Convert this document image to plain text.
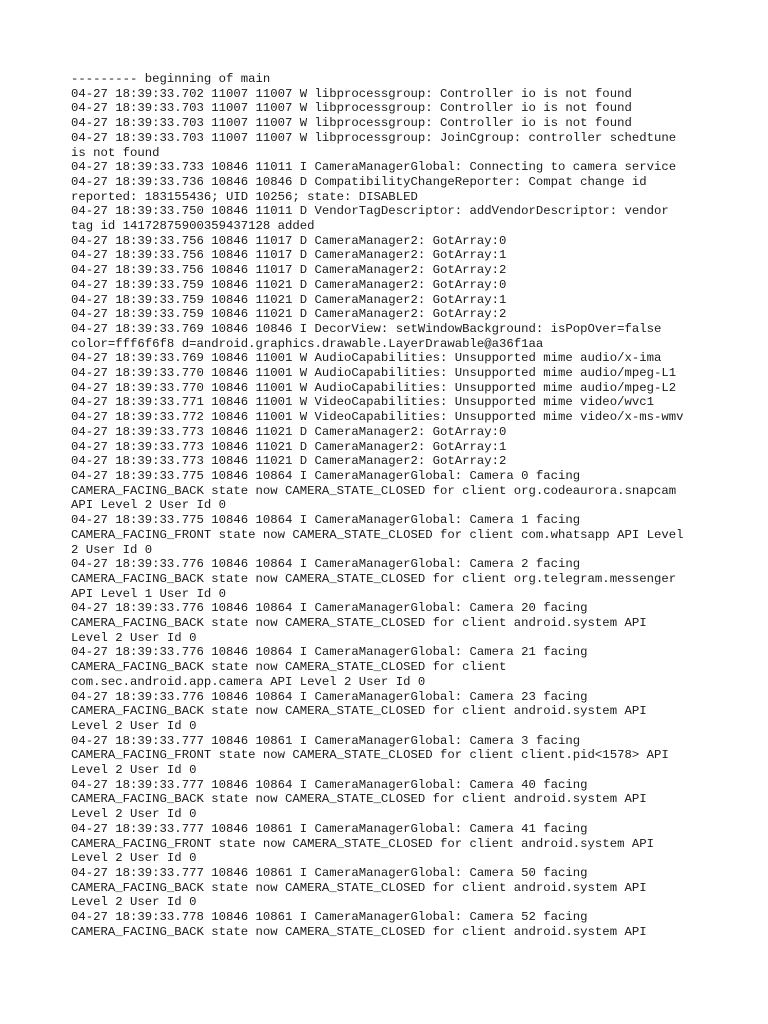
--------- beginning of main
04-27 18:39:33.702 11007 11007 W libprocessgroup: Controller io is not found
04-27 18:39:33.703 11007 11007 W libprocessgroup: Controller io is not found
04-27 18:39:33.703 11007 11007 W libprocessgroup: Controller io is not found
04-27 18:39:33.703 11007 11007 W libprocessgroup: JoinCgroup: controller schedtune
is not found
04-27 18:39:33.733 10846 11011 I CameraManagerGlobal: Connecting to camera service
04-27 18:39:33.736 10846 10846 D CompatibilityChangeReporter: Compat change id
reported: 183155436; UID 10256; state: DISABLED
04-27 18:39:33.750 10846 11011 D VendorTagDescriptor: addVendorDescriptor: vendor
tag id 14172875900359437128 added
04-27 18:39:33.756 10846 11017 D CameraManager2: GotArray:0
04-27 18:39:33.756 10846 11017 D CameraManager2: GotArray:1
04-27 18:39:33.756 10846 11017 D CameraManager2: GotArray:2
04-27 18:39:33.759 10846 11021 D CameraManager2: GotArray:0
04-27 18:39:33.759 10846 11021 D CameraManager2: GotArray:1
04-27 18:39:33.759 10846 11021 D CameraManager2: GotArray:2
04-27 18:39:33.769 10846 10846 I DecorView: setWindowBackground: isPopOver=false
color=fff6f6f8 d=android.graphics.drawable.LayerDrawable@a36f1aa
04-27 18:39:33.769 10846 11001 W AudioCapabilities: Unsupported mime audio/x-ima
04-27 18:39:33.770 10846 11001 W AudioCapabilities: Unsupported mime audio/mpeg-L1
04-27 18:39:33.770 10846 11001 W AudioCapabilities: Unsupported mime audio/mpeg-L2
04-27 18:39:33.771 10846 11001 W VideoCapabilities: Unsupported mime video/wvc1
04-27 18:39:33.772 10846 11001 W VideoCapabilities: Unsupported mime video/x-ms-wmv
04-27 18:39:33.773 10846 11021 D CameraManager2: GotArray:0
04-27 18:39:33.773 10846 11021 D CameraManager2: GotArray:1
04-27 18:39:33.773 10846 11021 D CameraManager2: GotArray:2
04-27 18:39:33.775 10846 10864 I CameraManagerGlobal: Camera 0 facing
CAMERA_FACING_BACK state now CAMERA_STATE_CLOSED for client org.codeaurora.snapcam
API Level 2 User Id 0
04-27 18:39:33.775 10846 10864 I CameraManagerGlobal: Camera 1 facing
CAMERA_FACING_FRONT state now CAMERA_STATE_CLOSED for client com.whatsapp API Level
2 User Id 0
04-27 18:39:33.776 10846 10864 I CameraManagerGlobal: Camera 2 facing
CAMERA_FACING_BACK state now CAMERA_STATE_CLOSED for client org.telegram.messenger
API Level 1 User Id 0
04-27 18:39:33.776 10846 10864 I CameraManagerGlobal: Camera 20 facing
CAMERA_FACING_BACK state now CAMERA_STATE_CLOSED for client android.system API
Level 2 User Id 0
04-27 18:39:33.776 10846 10864 I CameraManagerGlobal: Camera 21 facing
CAMERA_FACING_BACK state now CAMERA_STATE_CLOSED for client
com.sec.android.app.camera API Level 2 User Id 0
04-27 18:39:33.776 10846 10864 I CameraManagerGlobal: Camera 23 facing
CAMERA_FACING_BACK state now CAMERA_STATE_CLOSED for client android.system API
Level 2 User Id 0
04-27 18:39:33.777 10846 10861 I CameraManagerGlobal: Camera 3 facing
CAMERA_FACING_FRONT state now CAMERA_STATE_CLOSED for client client.pid<1578> API
Level 2 User Id 0
04-27 18:39:33.777 10846 10864 I CameraManagerGlobal: Camera 40 facing
CAMERA_FACING_BACK state now CAMERA_STATE_CLOSED for client android.system API
Level 2 User Id 0
04-27 18:39:33.777 10846 10861 I CameraManagerGlobal: Camera 41 facing
CAMERA_FACING_FRONT state now CAMERA_STATE_CLOSED for client android.system API
Level 2 User Id 0
04-27 18:39:33.777 10846 10861 I CameraManagerGlobal: Camera 50 facing
CAMERA_FACING_BACK state now CAMERA_STATE_CLOSED for client android.system API
Level 2 User Id 0
04-27 18:39:33.778 10846 10861 I CameraManagerGlobal: Camera 52 facing
CAMERA_FACING_BACK state now CAMERA_STATE_CLOSED for client android.system API
